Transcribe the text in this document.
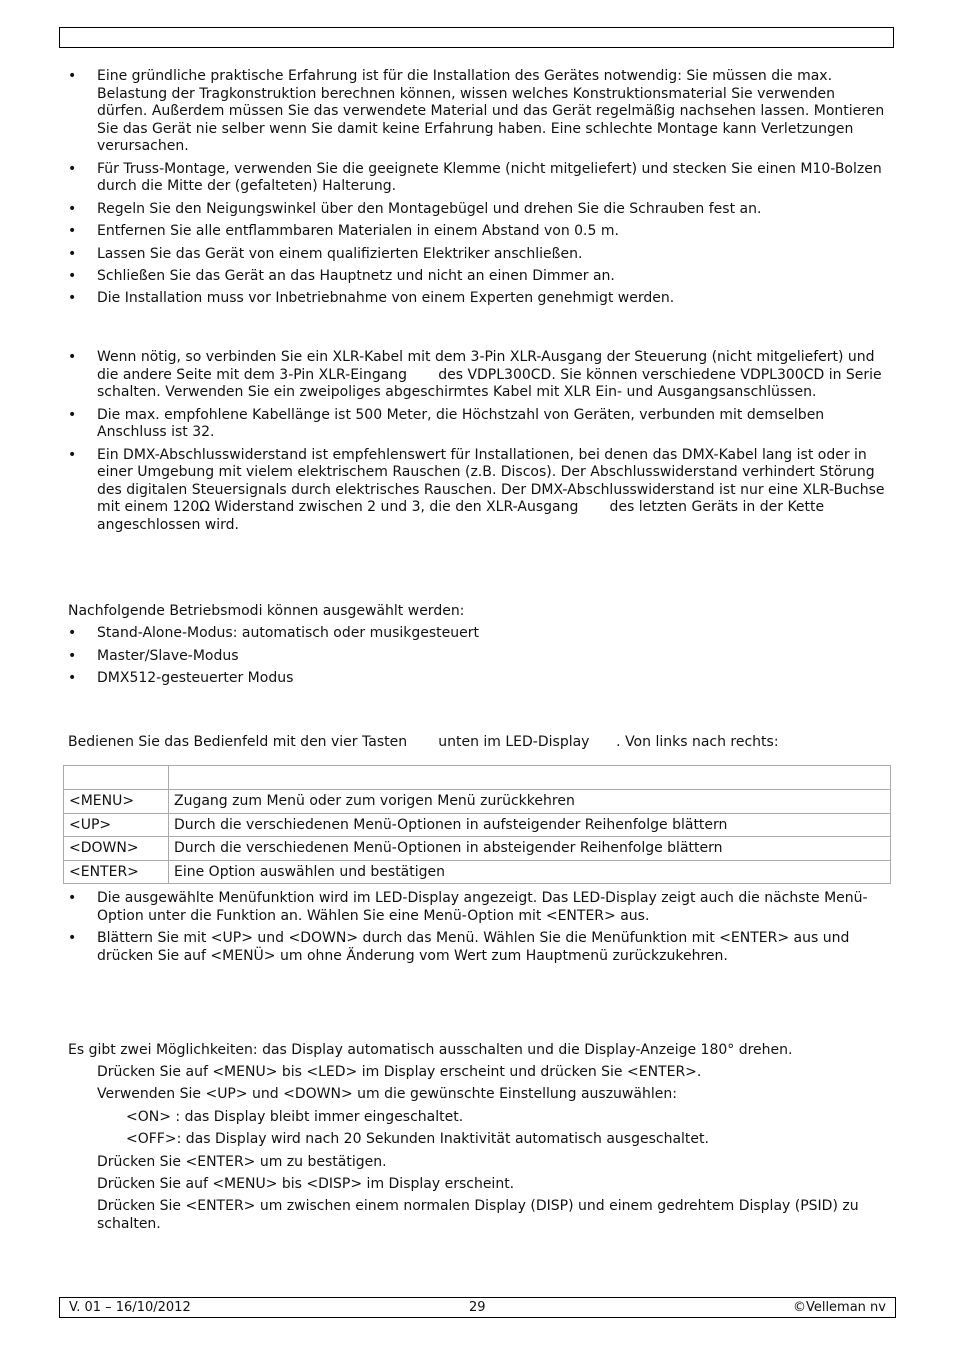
• Eine gründliche praktische Erfahrung ist für die Installation des Gerätes notwendig: Sie müssen die max. Belastung der Tragkonstruktion berechnen können, wissen welches Konstruktionsmaterial Sie verwenden dürfen. Außerdem müssen Sie das verwendete Material und das Gerät regelmäßig nachsehen lassen. Montieren Sie das Gerät nie selber wenn Sie damit keine Erfahrung haben. Eine schlechte Montage kann Verletzungen verursachen.
• Für Truss-Montage, verwenden Sie die geeignete Klemme (nicht mitgeliefert) und stecken Sie einen M10-Bolzen durch die Mitte der (gefalteten) Halterung.
• Regeln Sie den Neigungswinkel über den Montagebügel und drehen Sie die Schrauben fest an.
• Entfernen Sie alle entflammbaren Materialen in einem Abstand von 0.5 m.
• Lassen Sie das Gerät von einem qualifizierten Elektriker anschließen.
• Schließen Sie das Gerät an das Hauptnetz und nicht an einen Dimmer an.
• Die Installation muss vor Inbetriebnahme von einem Experten genehmigt werden.
• Wenn nötig, so verbinden Sie ein XLR-Kabel mit dem 3-Pin XLR-Ausgang der Steuerung (nicht mitgeliefert) und die andere Seite mit dem 3-Pin XLR-Eingang       des VDPL300CD. Sie können verschiedene VDPL300CD in Serie schalten. Verwenden Sie ein zweipoliges abgeschirmtes Kabel mit XLR Ein- und Ausgangsanschlüssen.
• Die max. empfohlene Kabellänge ist 500 Meter, die Höchstzahl von Geräten, verbunden mit demselben Anschluss ist 32.
• Ein DMX-Abschlusswiderstand ist empfehlenswert für Installationen, bei denen das DMX-Kabel lang ist oder in einer Umgebung mit vielem elektrischem Rauschen (z.B. Discos). Der Abschlusswiderstand verhindert Störung des digitalen Steuersignals durch elektrisches Rauschen. Der DMX-Abschlusswiderstand ist nur eine XLR-Buchse mit einem 120Ω Widerstand zwischen 2 und 3, die den XLR-Ausgang       des letzten Geräts in der Kette angeschlossen wird.

Nachfolgende Betriebsmodi können ausgewählt werden:

• Stand-Alone-Modus: automatisch oder musikgesteuert
• Master/Slave-Modus
• DMX512-gesteuerter Modus

Bedienen Sie das Bedienfeld mit den vier Tasten       unten im LED-Display      . Von links nach rechts:

<MENU>	Zugang zum Menü oder zum vorigen Menü zurückkehren
<UP>	Durch die verschiedenen Menü-Optionen in aufsteigender Reihenfolge blättern
<DOWN>	Durch die verschiedenen Menü-Optionen in absteigender Reihenfolge blättern
<ENTER>	Eine Option auswählen und bestätigen
• Die ausgewählte Menüfunktion wird im LED-Display angezeigt. Das LED-Display zeigt auch die nächste Menü-Option unter die Funktion an. Wählen Sie eine Menü-Option mit <ENTER> aus.
• Blättern Sie mit <UP> und <DOWN> durch das Menü. Wählen Sie die Menüfunktion mit <ENTER> aus und drücken Sie auf <MENÜ> um ohne Änderung vom Wert zum Hauptmenü zurückzukehren.

Es gibt zwei Möglichkeiten: das Display automatisch ausschalten und die Display-Anzeige 180° drehen.

Drücken Sie auf <MENU> bis <LED> im Display erscheint und drücken Sie <ENTER>.

Verwenden Sie <UP> und <DOWN> um die gewünschte Einstellung auszuwählen:

<ON> : das Display bleibt immer eingeschaltet.

<OFF>: das Display wird nach 20 Sekunden Inaktivität automatisch ausgeschaltet.

Drücken Sie <ENTER> um zu bestätigen.

Drücken Sie auf <MENU> bis <DISP> im Display erscheint.

Drücken Sie <ENTER> um zwischen einem normalen Display (DISP) und einem gedrehtem Display (PSID) zu schalten.

V. 01 – 16/10/2012	29	©Velleman nv
